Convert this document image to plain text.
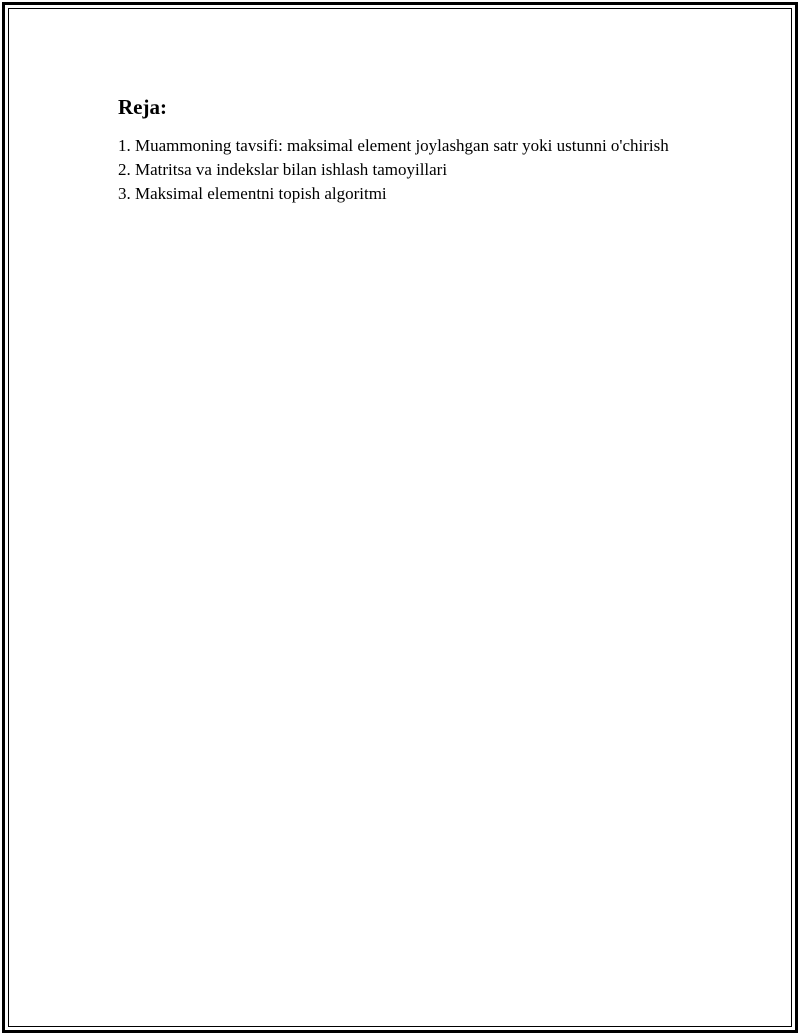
Reja:
1. Muammoning tavsifi: maksimal element joylashgan satr yoki ustunni o'chirish
2. Matritsa va indekslar bilan ishlash tamoyillari
3. Maksimal elementni topish algoritmi
